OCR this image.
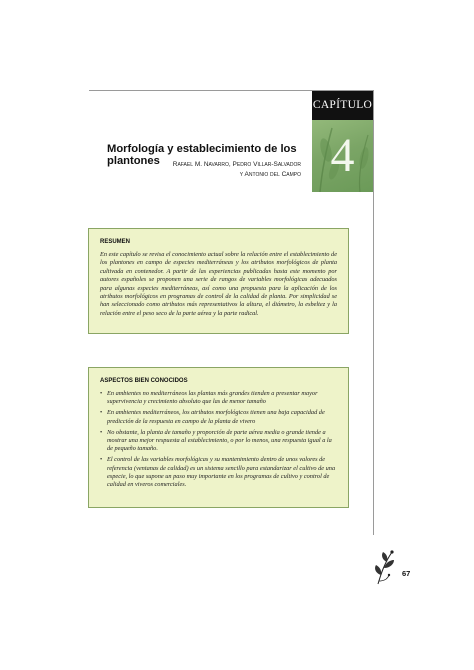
CAPÍTULO
4
Morfología y establecimiento de los plantones	Rafael M. Navarro, Pedro Villar-Salvador
y Antonio del Campo
RESUMEN
En este capítulo se revisa el conocimiento actual sobre la relación entre el establecimiento de los plantones en campo de especies mediterráneas y los atributos morfológicos de planta cultivada en contenedor. A partir de las experiencias publicadas hasta este momento por autores españoles se proponen una serie de rangos de variables morfológicas adecuados para algunas especies mediterráneas, así como una propuesta para la aplicación de los atributos morfológicos en programas de control de la calidad de planta. Por simplicidad se han seleccionado como atributos más representativos la altura, el diámetro, la esbeltez y la relación entre el peso seco de la parte aérea y la parte radical.
ASPECTOS BIEN CONOCIDOS
• En ambientes no mediterráneos las plantas más grandes tienden a presentar mayor supervivencia y crecimiento absoluto que las de menor tamaño
• En ambientes mediterráneos, los atributos morfológicos tienen una baja capacidad de predicción de la respuesta en campo de la planta de vivero
• No obstante, la planta de tamaño y proporción de parte aérea media o grande tiende a mostrar una mejor respuesta al establecimiento, o por lo menos, una respuesta igual a la de pequeño tamaño.
• El control de las variables morfológicas y su mantenimiento dentro de unos valores de referencia (ventanas de calidad) es un sistema sencillo para estandarizar el cultivo de una especie, lo que supone un paso muy importante en los programas de cultivo y control de calidad en viveros comerciales.
67
